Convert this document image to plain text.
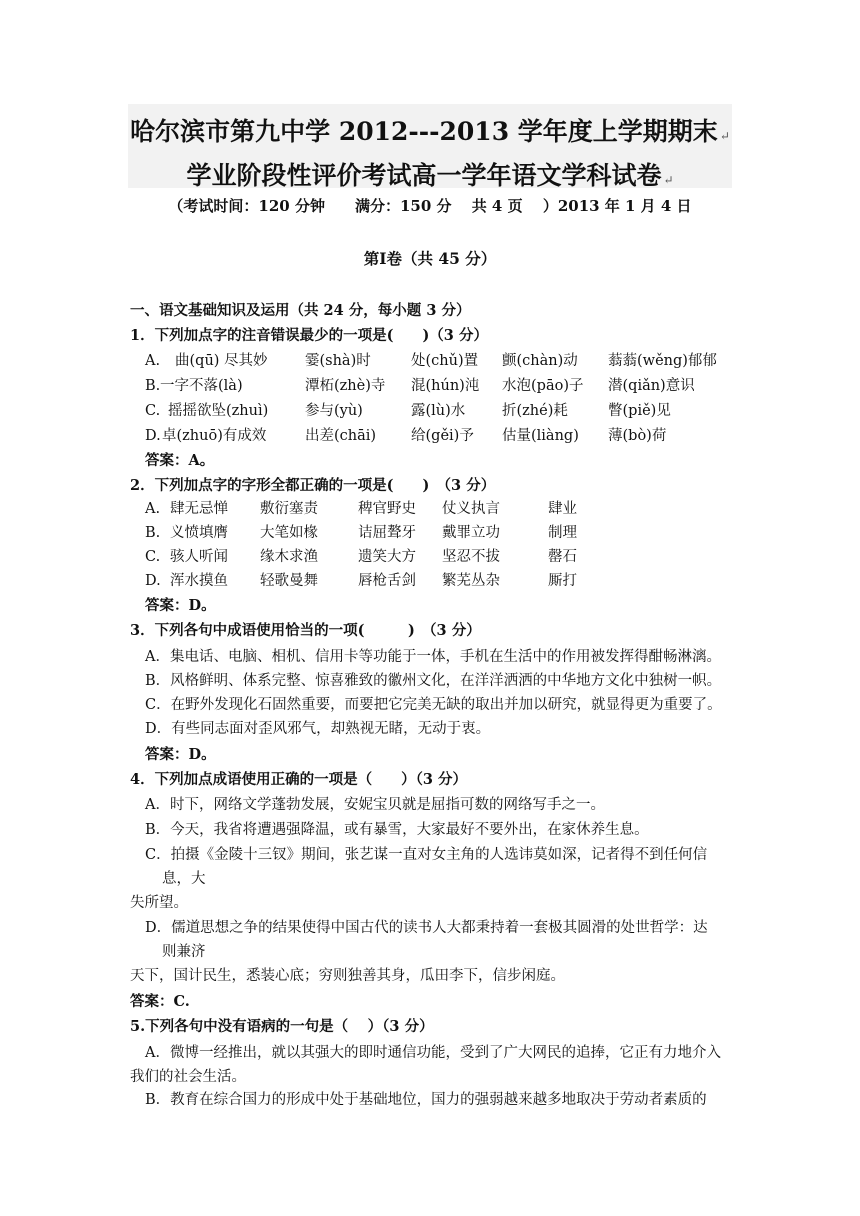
哈尔滨市第九中学 2012---2013 学年度上学期期末 ↵
学业阶段性评价考试高一学年语文学科试卷 ↵
（考试时间：120 分钟　　满分：150 分　 共 4 页　 ）2013 年 1 月 4 日
第Ⅰ卷（共 45 分）
一、语文基础知识及运用（共 24 分，每小题 3 分）
1．下列加点字的注音错误最少的一项是(　　)（3 分）
A. 曲(qū) 尽其妙	霎(shà)时	处(chǔ)置 颤(chàn)动 蓊蓊(wěng)郁郁
B. 一字不落(là)	潭柘(zhè)寺 混(hún)沌 水泡(pāo)子 潜(qiǎn)意识
C. 摇摇欲坠(zhuì)	参与(yù)	露(lù)水	折(zhé)耗	瞥(piě)见
D. 卓(zhuō)有成效	出差(chāi) 给(gěi)予 估量(liàng) 薄(bò)荷
答案：A。
2．下列加点字的字形全都正确的一项是(　　)　（3 分）
A. 肆无忌惮 敷衍塞责	稗官野史 仗义执言	肆业
B. 义愤填膺 大笔如椽	诘屈聱牙 戴罪立功	制理
C. 骇人听闻 缘木求渔	遗笑大方 坚忍不拔	罄石
D. 浑水摸鱼 轻歌曼舞	唇枪舌剑 繁芜丛杂	厮打
答案：D。
3．下列各句中成语使用恰当的一项(　　　)　（3 分）
A．集电话、电脑、相机、信用卡等功能于一体，手机在生活中的作用被发挥得酣畅淋漓。
B．风格鲜明、体系完整、惊喜雅致的徽州文化，在洋洋洒洒的中华地方文化中独树一帜。
C．在野外发现化石固然重要，而要把它完美无缺的取出并加以研究，就显得更为重要了。
D．有些同志面对歪风邪气，却熟视无睹，无动于衷。
答案：D。
4．下列加点成语使用正确的一项是（　　）（3 分）
A．时下，网络文学蓬勃发展，安妮宝贝就是屈指可数的网络写手之一。
B．今天，我省将遭遇强降温，或有暴雪，大家最好不要外出，在家休养生息。
C．拍摄《金陵十三钗》期间，张艺谋一直对女主角的人选讳莫如深，记者得不到任何信
息，大
失所望。
D．儒道思想之争的结果使得中国古代的读书人大都秉持着一套极其圆滑的处世哲学：达
则兼济
天下，国计民生，悉装心底；穷则独善其身，瓜田李下，信步闲庭。
答案：C.
5.下列各句中没有语病的一句是（　 ）（3 分）
A．微博一经推出，就以其强大的即时通信功能，受到了广大网民的追捧，它正有力地介入我们的社会生活。
B．教育在综合国力的形成中处于基础地位，国力的强弱越来越多地取决于劳动者素质的
